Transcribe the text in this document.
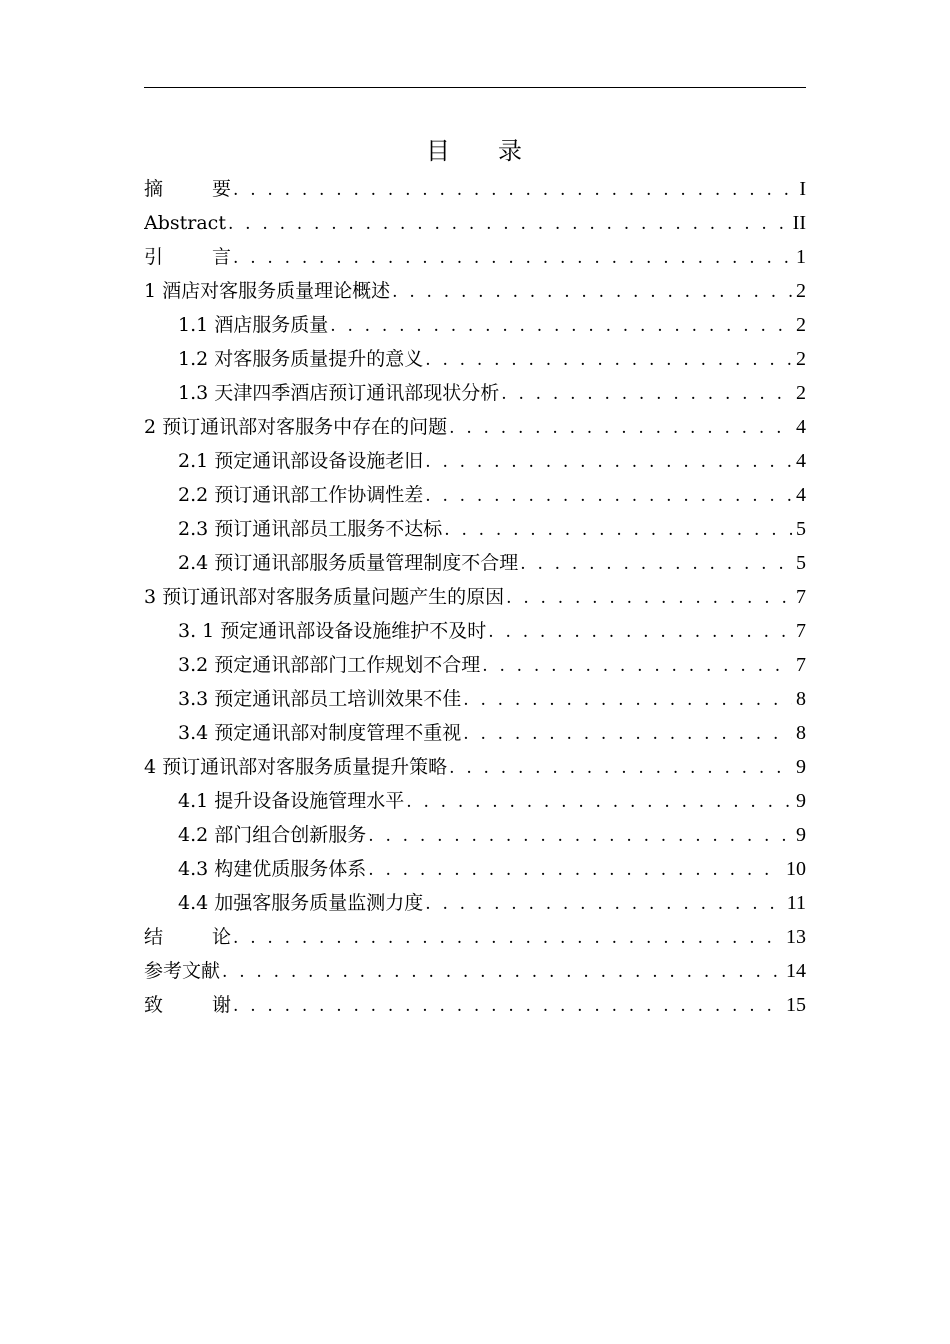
目 录
摘	要 . . .	I
Abstract . . .	II
引	言 . . .	1
1 酒店对客服务质量理论概述 . . .	2
1.1 酒店服务质量 . . .	2
1.2 对客服务质量提升的意义 . . .	2
1.3 天津四季酒店预订通讯部现状分析 . . .	2
2 预订通讯部对客服务中存在的问题 . . .	4
2.1 预定通讯部设备设施老旧 . . .	4
2.2 预订通讯部工作协调性差 . . .	4
2.3 预订通讯部员工服务不达标 . . .	5
2.4 预订通讯部服务质量管理制度不合理 . . .	5
3 预订通讯部对客服务质量问题产生的原因 . . .	7
3. 1 预定通讯部设备设施维护不及时 . . .	7
3.2 预定通讯部部门工作规划不合理 . . .	7
3.3 预定通讯部员工培训效果不佳 . . .	8
3.4 预定通讯部对制度管理不重视 . . .	8
4 预订通讯部对客服务质量提升策略 . . .	9
4.1 提升设备设施管理水平 . . .	9
4.2 部门组合创新服务 . . .	9
4.3 构建优质服务体系 . . .	10
4.4 加强客服务质量监测力度 . . .	11
结	论 . . .	13
参考文献 . . .	14
致	谢 . . .	15
